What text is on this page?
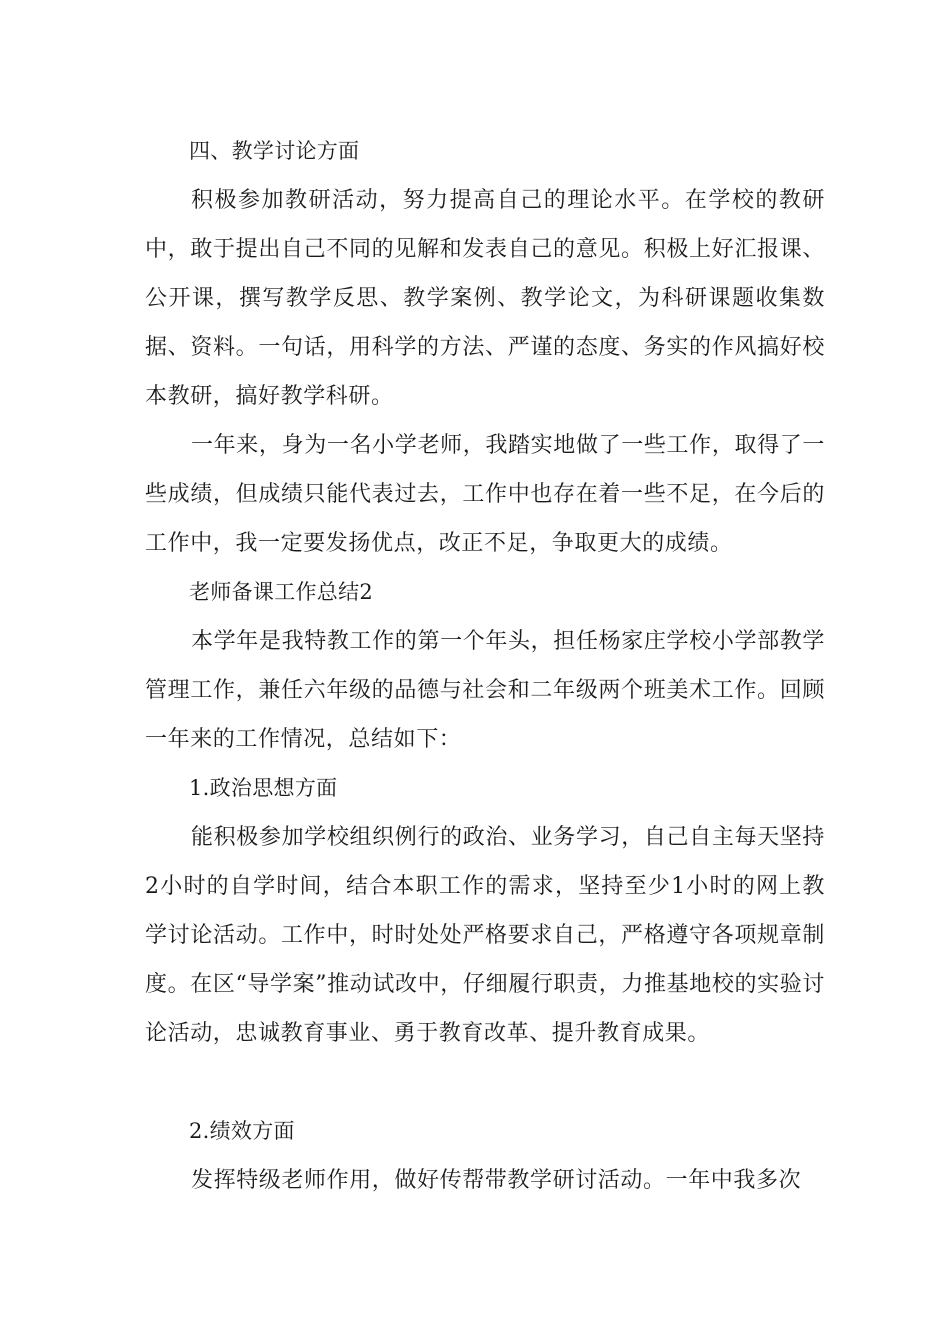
四、教学讨论方面

积极参加教研活动，努力提高自己的理论水平。在学校的教研中，敢于提出自己不同的见解和发表自己的意见。积极上好汇报课、公开课，撰写教学反思、教学案例、教学论文，为科研课题收集数据、资料。一句话，用科学的方法、严谨的态度、务实的作风搞好校本教研，搞好教学科研。

一年来，身为一名小学老师，我踏实地做了一些工作，取得了一些成绩，但成绩只能代表过去，工作中也存在着一些不足，在今后的工作中，我一定要发扬优点，改正不足，争取更大的成绩。

老师备课工作总结2

本学年是我特教工作的第一个年头，担任杨家庄学校小学部教学管理工作，兼任六年级的品德与社会和二年级两个班美术工作。回顾一年来的工作情况，总结如下：

1.政治思想方面

能积极参加学校组织例行的政治、业务学习，自己自主每天坚持2小时的自学时间，结合本职工作的需求，坚持至少1小时的网上教学讨论活动。工作中，时时处处严格要求自己，严格遵守各项规章制度。在区“导学案”推动试改中，仔细履行职责，力推基地校的实验讨论活动，忠诚教育事业、勇于教育改革、提升教育成果。

2.绩效方面

发挥特级老师作用，做好传帮带教学研讨活动。一年中我多次
